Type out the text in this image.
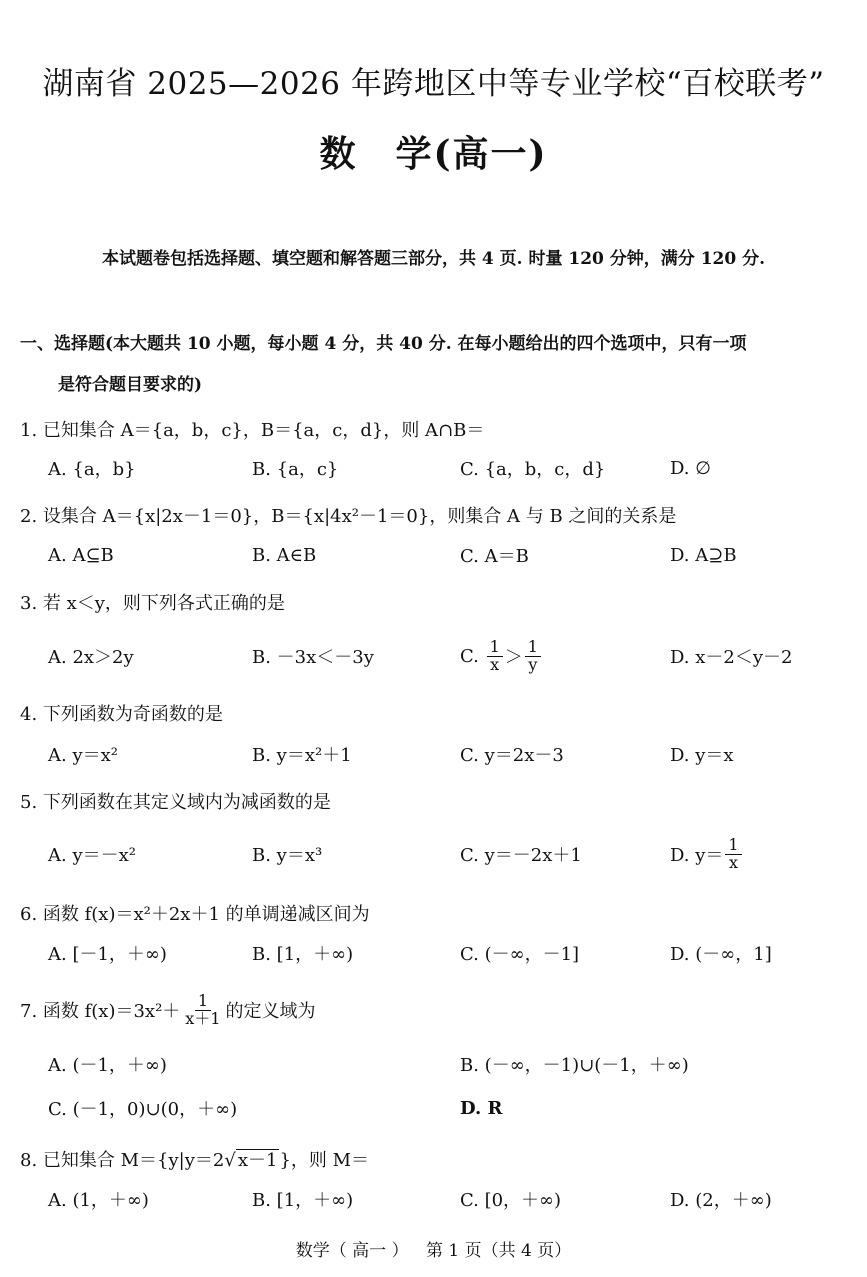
湖南省 2025—2026 年跨地区中等专业学校“百校联考”
数　学(高一)
本试题卷包括选择题、填空题和解答题三部分，共 4 页. 时量 120 分钟，满分 120 分.
一、选择题(本大题共 10 小题，每小题 4 分，共 40 分. 在每小题给出的四个选项中，只有一项
是符合题目要求的)
1. 已知集合 A＝{a，b，c}，B＝{a，c，d}，则 A∩B＝
A. {a，b}	B. {a，c}	C. {a，b，c，d}	D. ∅
2. 设集合 A＝{x|2x－1＝0}，B＝{x|4x²－1＝0}，则集合 A 与 B 之间的关系是
A. A⊆B	B. A∈B	C. A＝B	D. A⊇B
3. 若 x＜y，则下列各式正确的是
A. 2x＞2y	B. －3x＜－3y	C.
$\frac{1}{x} > \frac{1}{y}$	D. x－2＜y－2
4. 下列函数为奇函数的是
A. y＝x²	B. y＝x²＋1	C. y＝2x－3	D. y＝x
5. 下列函数在其定义域内为减函数的是
A. y＝－x²	B. y＝x³	C. y＝－2x＋1	D. $y= \frac{1}{x}$
6. 函数 f(x)＝x²＋2x＋1 的单调递减区间为
A. [－1，＋∞)	B. [1，＋∞)	C. (－∞，－1]	D. (－∞，1]
7. 函数 $f(x)=3x^2+ \frac{1}{x+1}$ 的定义域为
A. (－1，＋∞)	B. (－∞，－1)∪(－1，＋∞)
C. (－1，0)∪(0，＋∞)	D. R
8. 已知集合 M＝{y|y＝2√ x－1 }，则 M＝
A. (1，＋∞)	B. [1，＋∞)	C. [0，＋∞)	D. (2，＋∞)
数学（ 高一 ） 第 1 页（共 4 页）
